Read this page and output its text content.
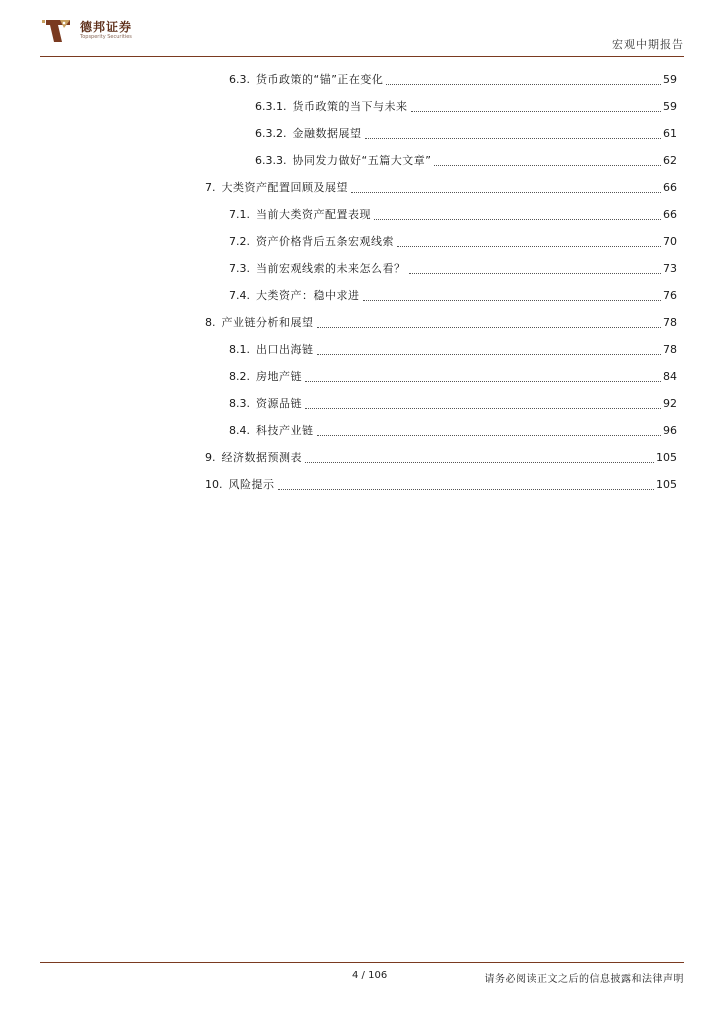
德邦证券
Topsperity Securities
宏观中期报告
6.3. 货币政策的“锚”正在变化	59
6.3.1. 货币政策的当下与未来	59
6.3.2. 金融数据展望	61
6.3.3. 协同发力做好“五篇大文章”	62
7. 大类资产配置回顾及展望	66
7.1. 当前大类资产配置表现	66
7.2. 资产价格背后五条宏观线索	70
7.3. 当前宏观线索的未来怎么看？	73
7.4. 大类资产：稳中求进	76
8. 产业链分析和展望	78
8.1. 出口出海链	78
8.2. 房地产链	84
8.3. 资源品链	92
8.4. 科技产业链	96
9. 经济数据预测表	105
10. 风险提示	105
4 / 106	请务必阅读正文之后的信息披露和法律声明
